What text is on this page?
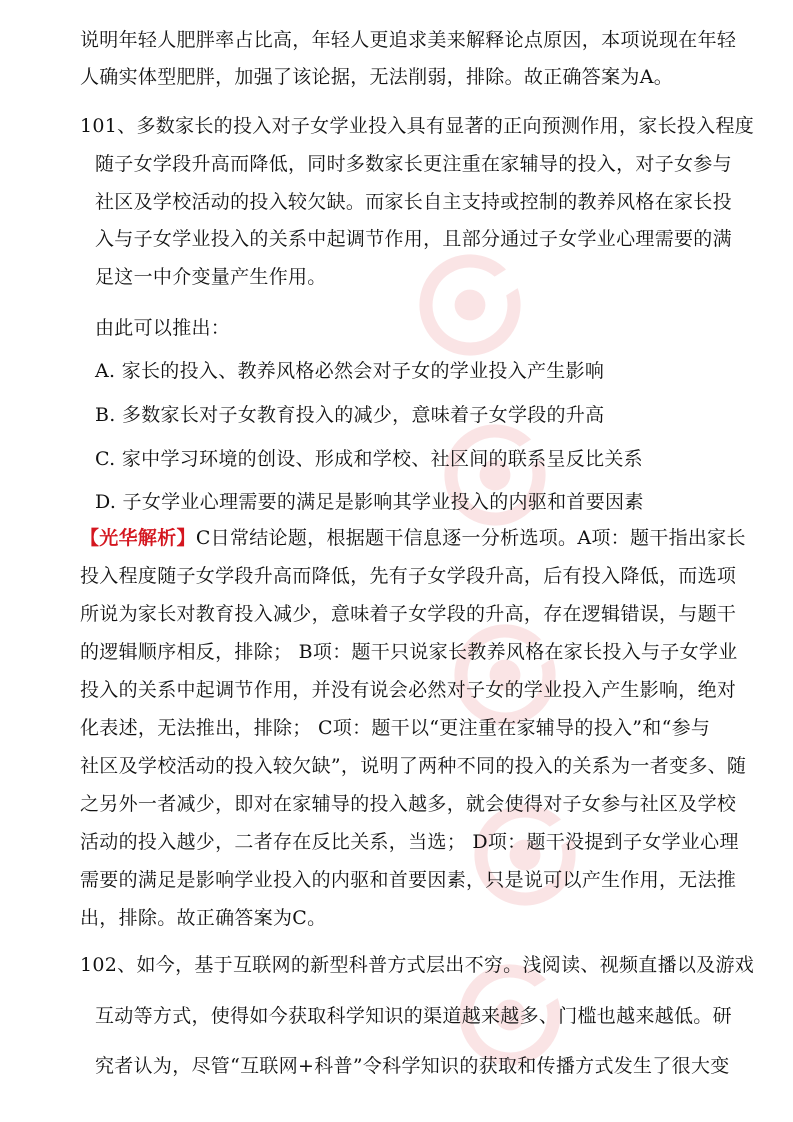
说明年轻人肥胖率占比高，年轻人更追求美来解释论点原因，本项说现在年轻
人确实体型肥胖，加强了该论据，无法削弱，排除。故正确答案为A。
101、多数家长的投入对子女学业投入具有显著的正向预测作用，家长投入程度
随子女学段升高而降低，同时多数家长更注重在家辅导的投入，对子女参与
社区及学校活动的投入较欠缺。而家长自主支持或控制的教养风格在家长投
入与子女学业投入的关系中起调节作用，且部分通过子女学业心理需要的满
足这一中介变量产生作用。
由此可以推出：
A. 家长的投入、教养风格必然会对子女的学业投入产生影响
B. 多数家长对子女教育投入的减少，意味着子女学段的升高
C. 家中学习环境的创设、形成和学校、社区间的联系呈反比关系
D. 子女学业心理需要的满足是影响其学业投入的内驱和首要因素
【光华解析】C日常结论题，根据题干信息逐一分析选项。A项：题干指出家长
投入程度随子女学段升高而降低，先有子女学段升高，后有投入降低，而选项
所说为家长对教育投入减少，意味着子女学段的升高，存在逻辑错误，与题干
的逻辑顺序相反，排除； B项：题干只说家长教养风格在家长投入与子女学业
投入的关系中起调节作用，并没有说会必然对子女的学业投入产生影响，绝对
化表述，无法推出，排除； C项：题干以“更注重在家辅导的投入”和“参与
社区及学校活动的投入较欠缺”，说明了两种不同的投入的关系为一者变多、随
之另外一者减少，即对在家辅导的投入越多，就会使得对子女参与社区及学校
活动的投入越少，二者存在反比关系，当选； D项：题干没提到子女学业心理
需要的满足是影响学业投入的内驱和首要因素，只是说可以产生作用，无法推
出，排除。故正确答案为C。
102、如今，基于互联网的新型科普方式层出不穷。浅阅读、视频直播以及游戏
互动等方式，使得如今获取科学知识的渠道越来越多、门槛也越来越低。研
究者认为，尽管“互联网+科普”令科学知识的获取和传播方式发生了很大变
